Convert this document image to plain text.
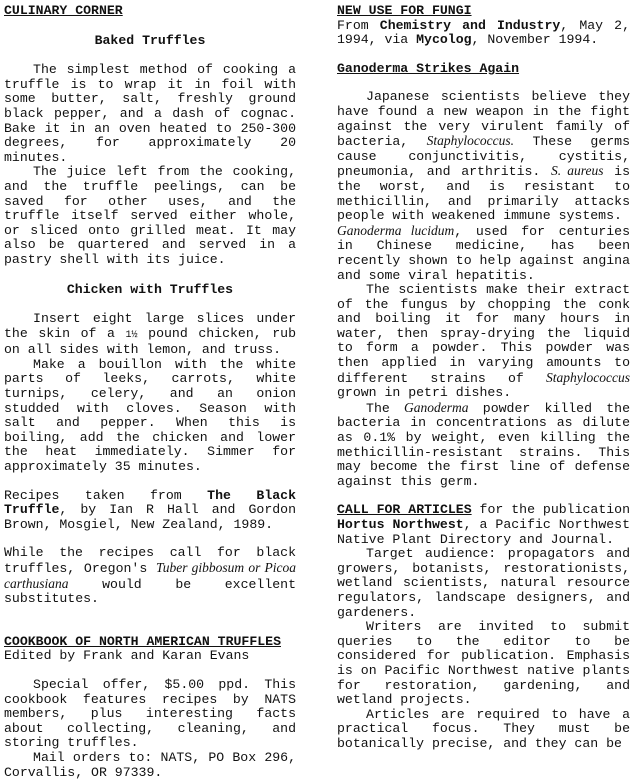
CULINARY CORNER

Baked Truffles

The simplest method of cooking a truffle is to wrap it in foil with some butter, salt, freshly ground black pepper, and a dash of cognac. Bake it in an oven heated to 250-300 degrees, for approximately 20 minutes.

The juice left from the cooking, and the truffle peelings, can be saved for other uses, and the truffle itself served either whole, or sliced onto grilled meat. It may also be quartered and served in a pastry shell with its juice.

Chicken with Truffles

Insert eight large slices under the skin of a 1½ pound chicken, rub on all sides with lemon, and truss.

Make a bouillon with the white parts of leeks, carrots, white turnips, celery, and an onion studded with cloves. Season with salt and pepper. When this is boiling, add the chicken and lower the heat immediately. Simmer for approximately 35 minutes.

Recipes taken from The Black Truffle, by Ian R Hall and Gordon Brown, Mosgiel, New Zealand, 1989.

While the recipes call for black truffles, Oregon's Tuber gibbosum or Picoa carthusiana would be excellent substitutes.

COOKBOOK OF NORTH AMERICAN TRUFFLES

Edited by Frank and Karan Evans

Special offer, $5.00 ppd. This cookbook features recipes by NATS members, plus interesting facts about collecting, cleaning, and storing truffles.

Mail orders to: NATS, PO Box 296, Corvallis, OR 97339.

NEW USE FOR FUNGI

From Chemistry and Industry, May 2, 1994, via Mycolog, November 1994.

Ganoderma Strikes Again

Japanese scientists believe they have found a new weapon in the fight against the very virulent family of bacteria, Staphylococcus. These germs cause conjunctivitis, cystitis, pneumonia, and arthritis. S. aureus is the worst, and is resistant to methicillin, and primarily attacks people with weakened immune systems.

Ganoderma lucidum, used for centuries in Chinese medicine, has been recently shown to help against angina and some viral hepatitis.

The scientists make their extract of the fungus by chopping the conk and boiling it for many hours in water, then spray-drying the liquid to form a powder. This powder was then applied in varying amounts to different strains of Staphylococcus grown in petri dishes.

The Ganoderma powder killed the bacteria in concentrations as dilute as 0.1% by weight, even killing the methicillin-resistant strains. This may become the first line of defense against this germ.

CALL FOR ARTICLES for the publication Hortus Northwest, a Pacific Northwest Native Plant Directory and Journal.

Target audience: propagators and growers, botanists, restorationists, wetland scientists, natural resource regulators, landscape designers, and gardeners.

Writers are invited to submit queries to the editor to be considered for publication. Emphasis is on Pacific Northwest native plants for restoration, gardening, and wetland projects.

Articles are required to have a practical focus. They must be botanically precise, and they can be
